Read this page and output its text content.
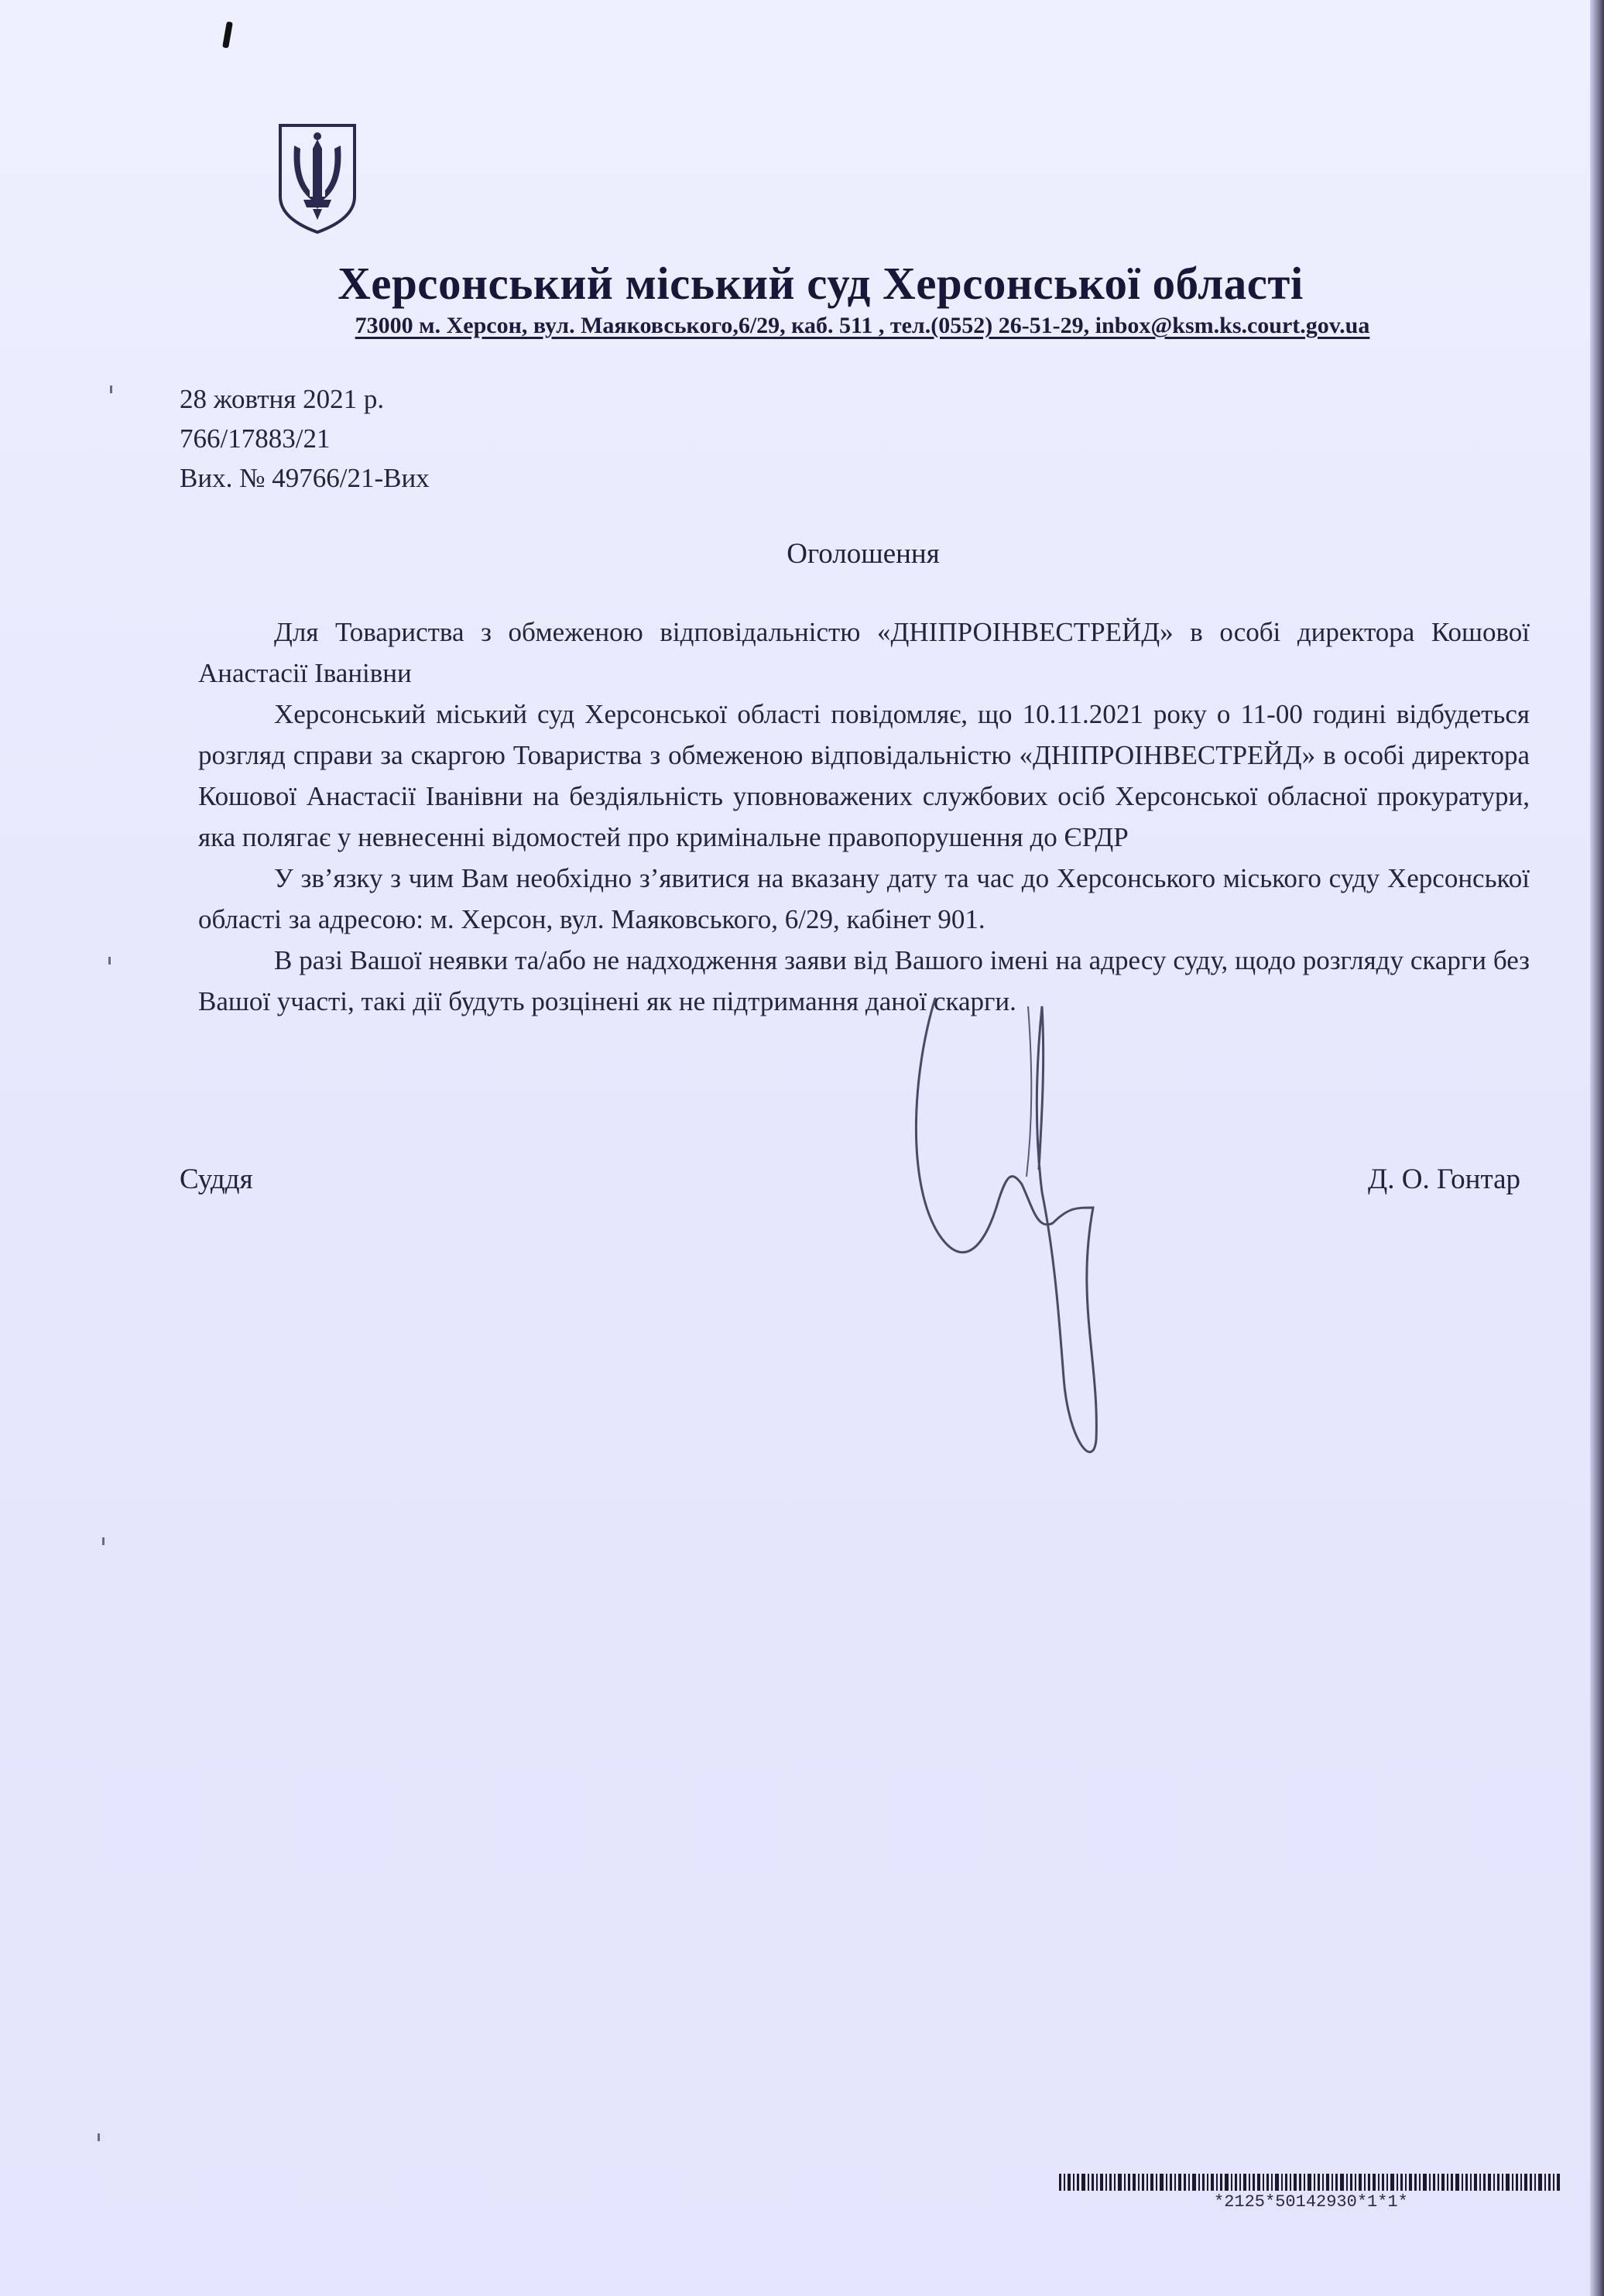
Херсонський міський суд Херсонської області
73000 м. Херсон, вул. Маяковського,6/29, каб. 511 , тел.(0552) 26-51-29, inbox@ksm.ks.court.gov.ua
28 жовтня 2021 р.
766/17883/21
Вих. № 49766/21-Вих
Оголошення

Для Товариства з обмеженою відповідальністю «ДНІПРОІНВЕСТРЕЙД» в особі директора Кошової Анастасії Іванівни

Херсонський міський суд Херсонської області повідомляє, що 10.11.2021 року о 11-00 годині відбудеться розгляд справи за скаргою Товариства з обмеженою відповідальністю «ДНІПРОІНВЕСТРЕЙД» в особі директора Кошової Анастасії Іванівни на бездіяльність уповноважених службових осіб Херсонської обласної прокуратури, яка полягає у невнесенні відомостей про кримінальне правопорушення до ЄРДР

У зв’язку з чим Вам необхідно з’явитися на вказану дату та час до Херсонського міського суду Херсонської області за адресою: м. Херсон, вул. Маяковського, 6/29, кабінет 901.

В разі Вашої неявки та/або не надходження заяви від Вашого імені на адресу суду, щодо розгляду скарги без Вашої участі, такі дії будуть розцінені як не підтримання даної скарги.

Суддя	Д. О. Гонтар
*2125*50142930*1*1*
